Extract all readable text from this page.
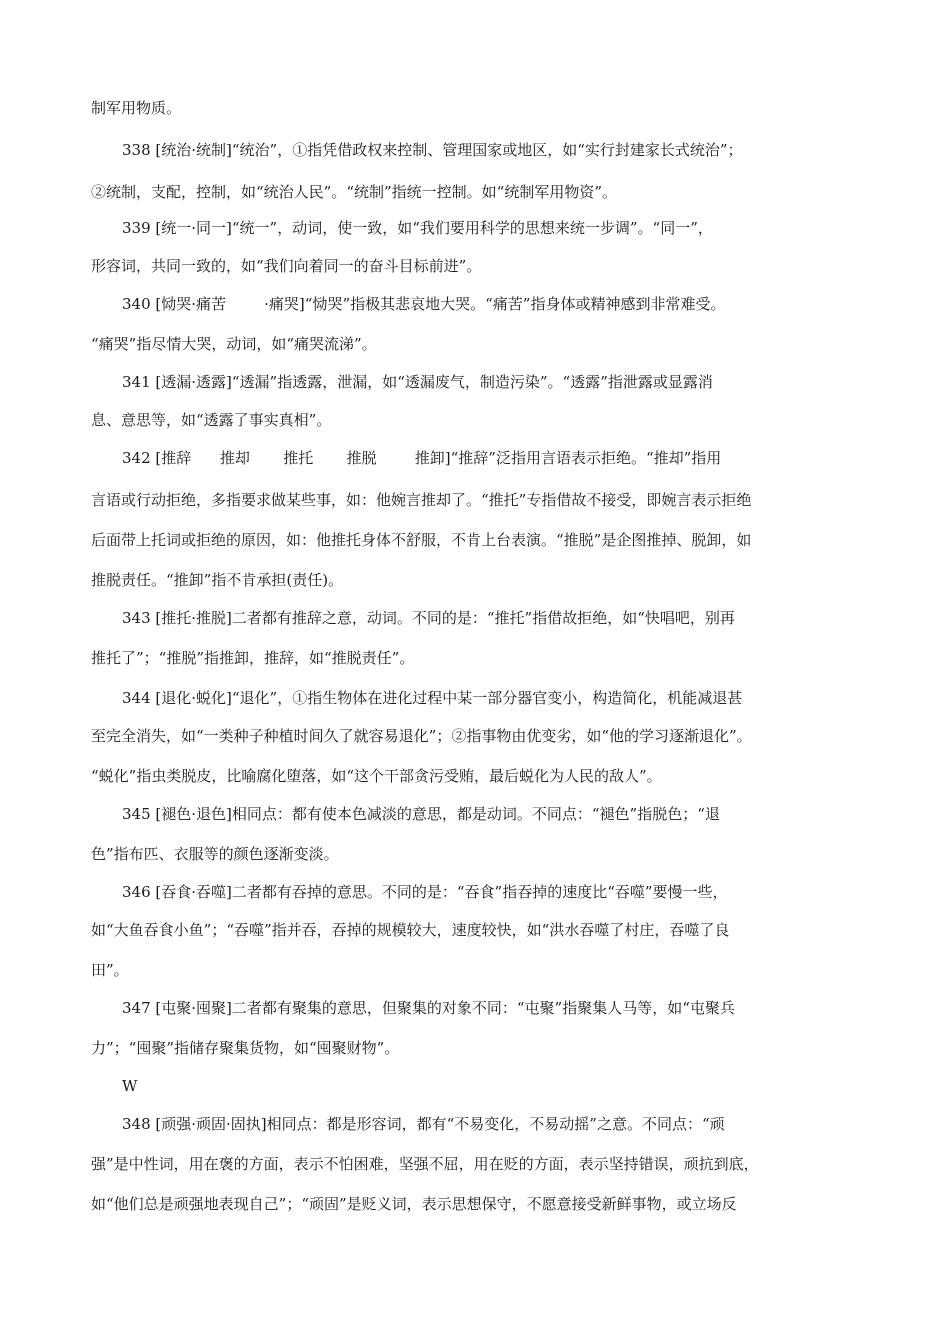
制军用物质。
338 [统治·统制]“统治”，①指凭借政权来控制、管理国家或地区，如“实行封建家长式统治”；
②统制，支配，控制，如“统治人民”。“统制”指统一控制。如“统制军用物资”。
339 [统一·同一]“统一”，动词，使一致，如“我们要用科学的思想来统一步调”。“同一”，
形容词，共同一致的，如“我们向着同一的奋斗目标前进”。
340 [恸哭·痛苦        ·痛哭]“恸哭”指极其悲哀地大哭。“痛苦”指身体或精神感到非常难受。
“痛哭”指尽情大哭，动词，如“痛哭流涕”。
341 [透漏·透露]“透漏”指透露，泄漏，如“透漏废气，制造污染”。“透露”指泄露或显露消
息、意思等，如“透露了事实真相”。
342 [推辞      推却       推托       推脱        推卸]“推辞”泛指用言语表示拒绝。“推却”指用
言语或行动拒绝，多指要求做某些事，如：他婉言推却了。“推托”专指借故不接受，即婉言表示拒绝
后面带上托词或拒绝的原因，如：他推托身体不舒服，不肯上台表演。“推脱”是企图推掉、脱卸，如
推脱责任。“推卸”指不肯承担(责任)。
343 [推托·推脱]二者都有推辞之意，动词。不同的是：“推托”指借故拒绝，如“快唱吧，别再
推托了”；“推脱”指推卸，推辞，如“推脱责任”。
344 [退化·蜕化]“退化”，①指生物体在进化过程中某一部分器官变小，构造简化，机能减退甚
至完全消失，如“一类种子种植时间久了就容易退化”；②指事物由优变劣，如“他的学习逐渐退化”。
“蜕化”指虫类脱皮，比喻腐化堕落，如“这个干部贪污受贿，最后蜕化为人民的敌人”。
345 [褪色·退色]相同点：都有使本色减淡的意思，都是动词。不同点：“褪色”指脱色；“退
色”指布匹、衣服等的颜色逐渐变淡。
346 [吞食·吞噬]二者都有吞掉的意思。不同的是：“吞食”指吞掉的速度比“吞噬”要慢一些，
如“大鱼吞食小鱼”；“吞噬”指并吞，吞掉的规模较大，速度较快，如“洪水吞噬了村庄，吞噬了良
田”。
347 [屯聚·囤聚]二者都有聚集的意思，但聚集的对象不同：“屯聚”指聚集人马等，如“屯聚兵
力”；“囤聚”指储存聚集货物，如“囤聚财物”。
W
348 [顽强·顽固·固执]相同点：都是形容词，都有“不易变化，不易动摇”之意。不同点：“顽
强”是中性词，用在褒的方面，表示不怕困难，坚强不屈，用在贬的方面，表示坚持错误，顽抗到底，
如“他们总是顽强地表现自己”；“顽固”是贬义词，表示思想保守，不愿意接受新鲜事物，或立场反
